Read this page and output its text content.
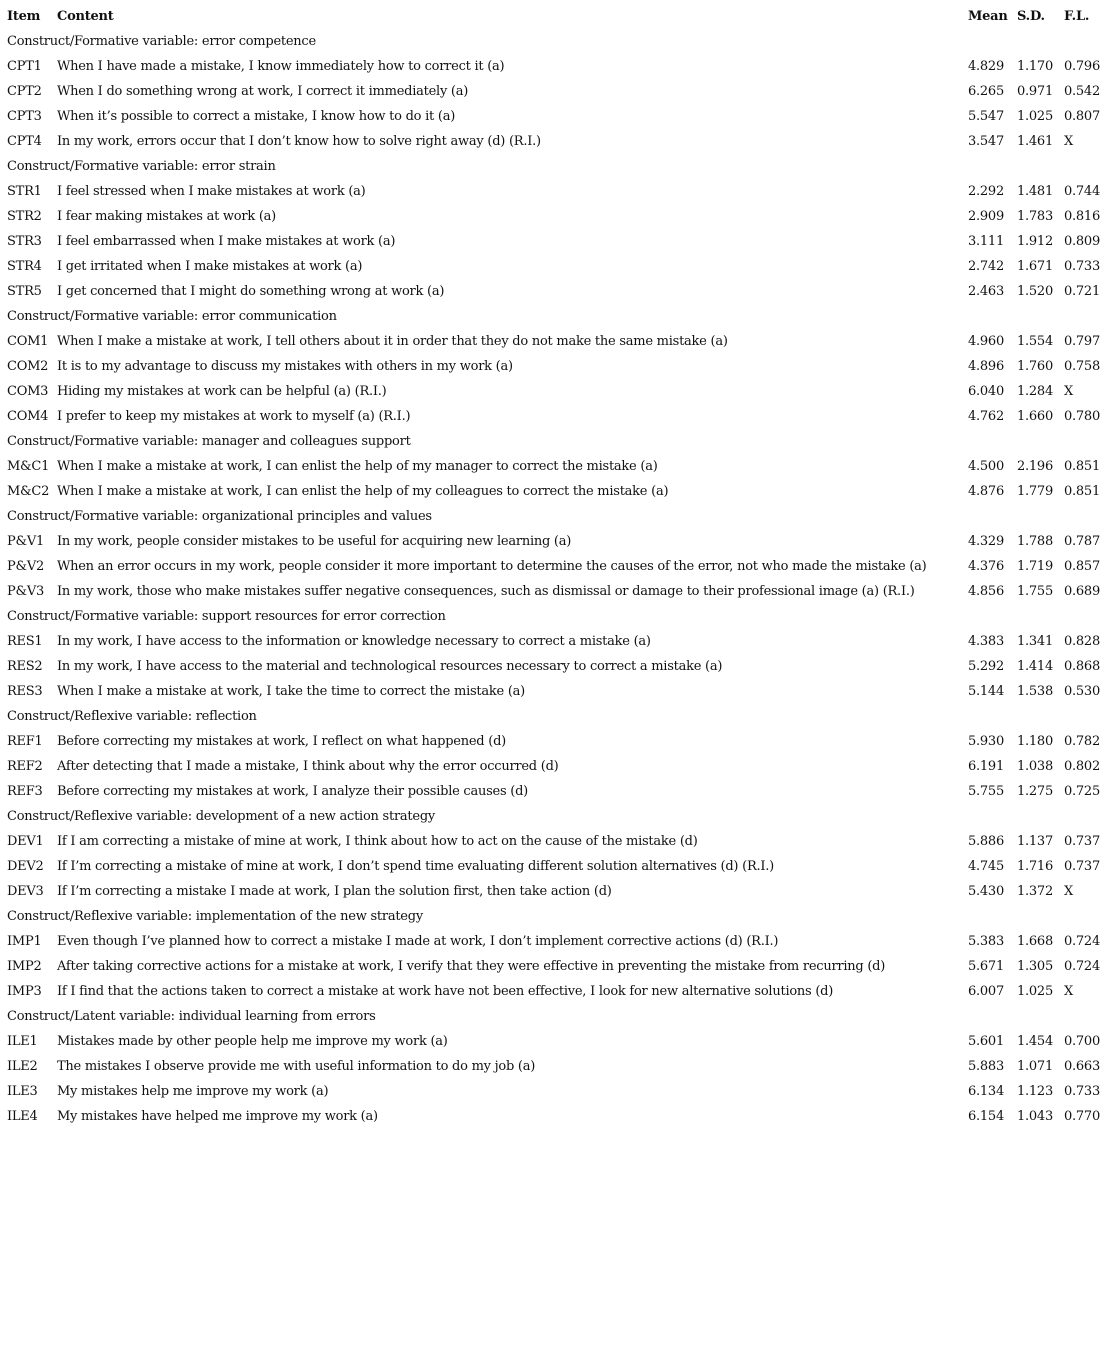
Item	Content	Mean	S.D.	F.L.
Construct/Formative variable: error competence				
CPT1	When I have made a mistake, I know immediately how to correct it (a)	4.829	1.170	0.796
CPT2	When I do something wrong at work, I correct it immediately (a)	6.265	0.971	0.542
CPT3	When it’s possible to correct a mistake, I know how to do it (a)	5.547	1.025	0.807
CPT4	In my work, errors occur that I don’t know how to solve right away (d) (R.I.)	3.547	1.461	X
Construct/Formative variable: error strain				
STR1	I feel stressed when I make mistakes at work (a)	2.292	1.481	0.744
STR2	I fear making mistakes at work (a)	2.909	1.783	0.816
STR3	I feel embarrassed when I make mistakes at work (a)	3.111	1.912	0.809
STR4	I get irritated when I make mistakes at work (a)	2.742	1.671	0.733
STR5	I get concerned that I might do something wrong at work (a)	2.463	1.520	0.721
Construct/Formative variable: error communication				
COM1	When I make a mistake at work, I tell others about it in order that they do not make the same mistake (a)	4.960	1.554	0.797
COM2	It is to my advantage to discuss my mistakes with others in my work (a)	4.896	1.760	0.758
COM3	Hiding my mistakes at work can be helpful (a) (R.I.)	6.040	1.284	X
COM4	I prefer to keep my mistakes at work to myself (a) (R.I.)	4.762	1.660	0.780
Construct/Formative variable: manager and colleagues support				
M&C1	When I make a mistake at work, I can enlist the help of my manager to correct the mistake (a)	4.500	2.196	0.851
M&C2	When I make a mistake at work, I can enlist the help of my colleagues to correct the mistake (a)	4.876	1.779	0.851
Construct/Formative variable: organizational principles and values				
P&V1	In my work, people consider mistakes to be useful for acquiring new learning (a)	4.329	1.788	0.787
P&V2	When an error occurs in my work, people consider it more important to determine the causes of the error, not who made the mistake (a)	4.376	1.719	0.857
P&V3	In my work, those who make mistakes suffer negative consequences, such as dismissal or damage to their professional image (a) (R.I.)	4.856	1.755	0.689
Construct/Formative variable: support resources for error correction				
RES1	In my work, I have access to the information or knowledge necessary to correct a mistake (a)	4.383	1.341	0.828
RES2	In my work, I have access to the material and technological resources necessary to correct a mistake (a)	5.292	1.414	0.868
RES3	When I make a mistake at work, I take the time to correct the mistake (a)	5.144	1.538	0.530
Construct/Reflexive variable: reflection				
REF1	Before correcting my mistakes at work, I reflect on what happened (d)	5.930	1.180	0.782
REF2	After detecting that I made a mistake, I think about why the error occurred (d)	6.191	1.038	0.802
REF3	Before correcting my mistakes at work, I analyze their possible causes (d)	5.755	1.275	0.725
Construct/Reflexive variable: development of a new action strategy				
DEV1	If I am correcting a mistake of mine at work, I think about how to act on the cause of the mistake (d)	5.886	1.137	0.737
DEV2	If I’m correcting a mistake of mine at work, I don’t spend time evaluating different solution alternatives (d) (R.I.)	4.745	1.716	0.737
DEV3	If I’m correcting a mistake I made at work, I plan the solution first, then take action (d)	5.430	1.372	X
Construct/Reflexive variable: implementation of the new strategy				
IMP1	Even though I’ve planned how to correct a mistake I made at work, I don’t implement corrective actions (d) (R.I.)	5.383	1.668	0.724
IMP2	After taking corrective actions for a mistake at work, I verify that they were effective in preventing the mistake from recurring (d)	5.671	1.305	0.724
IMP3	If I find that the actions taken to correct a mistake at work have not been effective, I look for new alternative solutions (d)	6.007	1.025	X
Construct/Latent variable: individual learning from errors				
ILE1	Mistakes made by other people help me improve my work (a)	5.601	1.454	0.700
ILE2	The mistakes I observe provide me with useful information to do my job (a)	5.883	1.071	0.663
ILE3	My mistakes help me improve my work (a)	6.134	1.123	0.733
ILE4	My mistakes have helped me improve my work (a)	6.154	1.043	0.770
